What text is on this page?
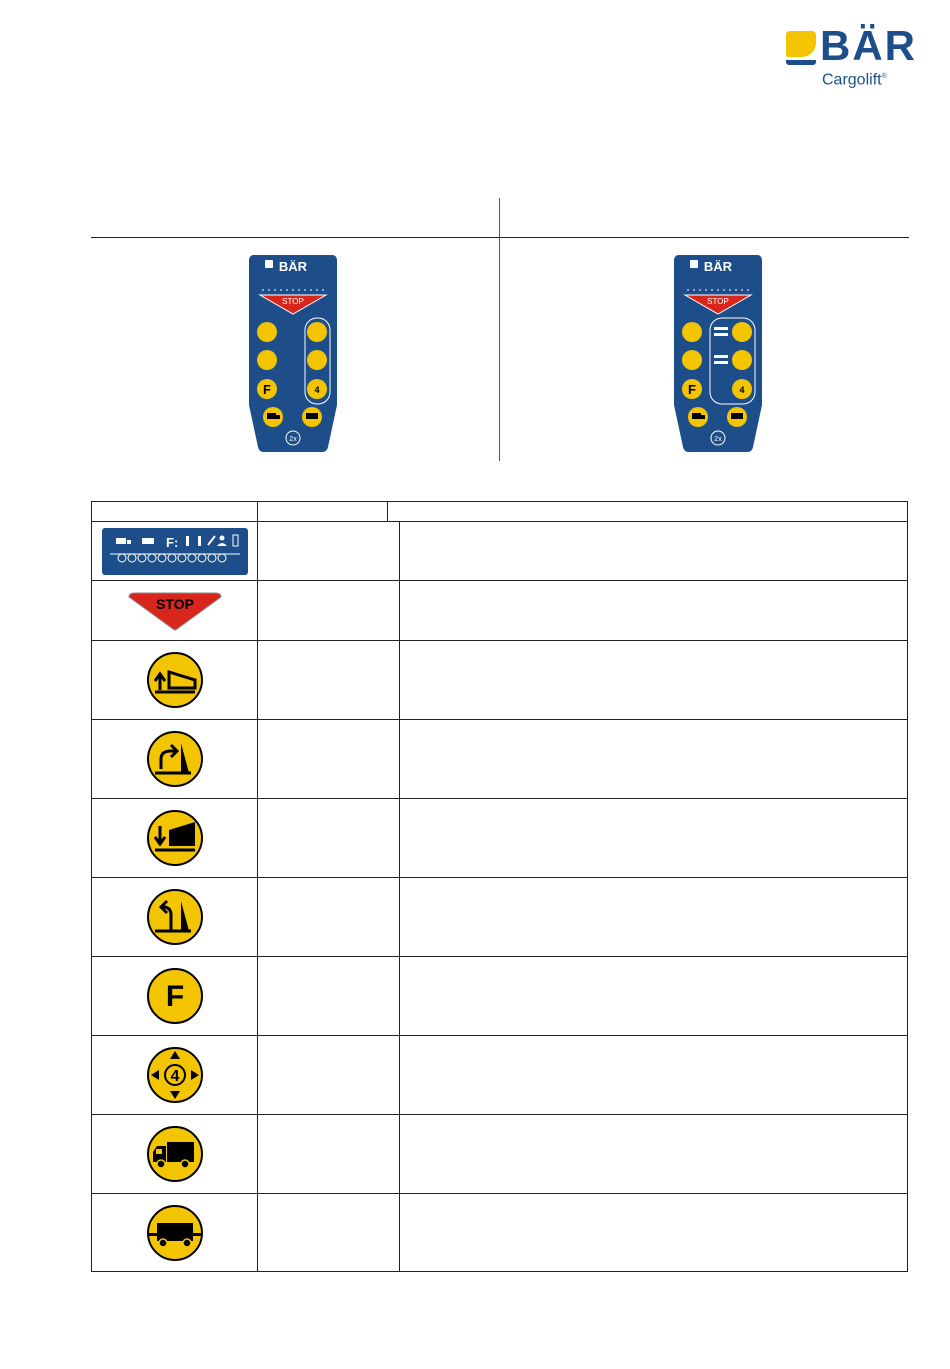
BÄR
Cargolift®
BÄR
STOP
F	4
2x
BÄR
STOP
F	4
2x
F:
STOP
F
4
